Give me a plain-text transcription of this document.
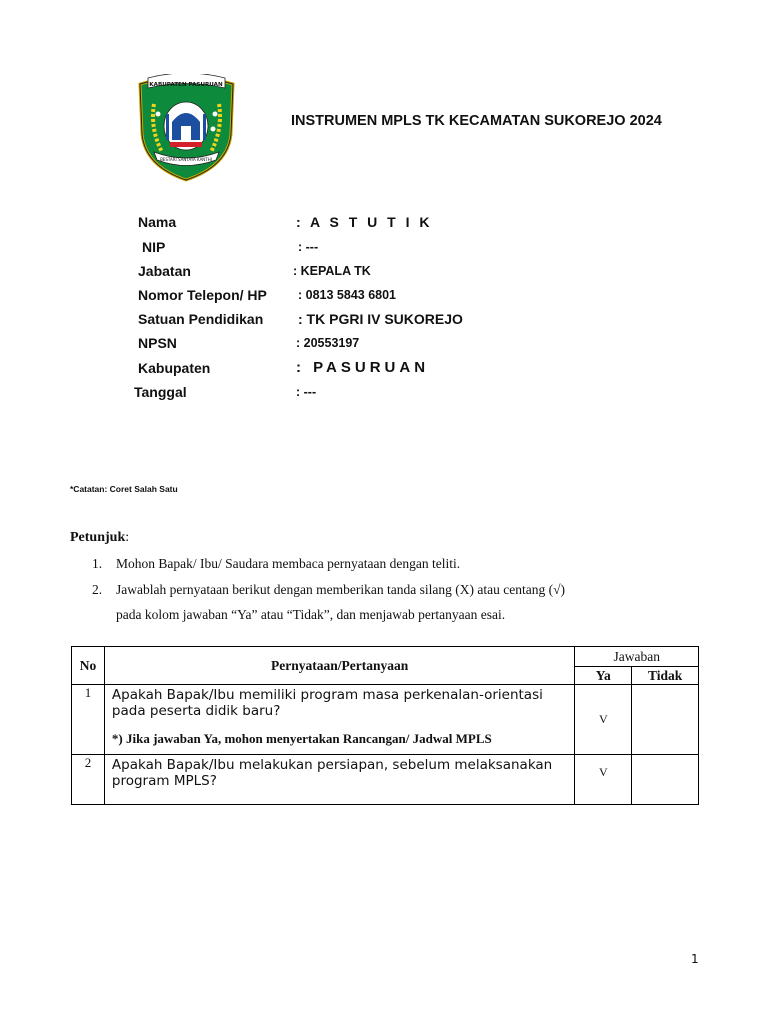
KABUPATEN PASURUAN
BESTARI SANTAYA KANTHI
INSTRUMEN MPLS TK KECAMATAN SUKOREJO 2024
Nama	: A S T U T I K
NIP	: ---
Jabatan	: KEPALA TK
Nomor Telepon/ HP : 0813 5843 6801
Satuan Pendidikan : TK PGRI IV SUKOREJO
NPSN	: 20553197
Kabupaten	: PASURUAN
Tanggal	: ---
*Catatan: Coret Salah Satu
Petunjuk:
1. Mohon Bapak/ Ibu/ Saudara membaca pernyataan dengan teliti.
2. Jawablah pernyataan berikut dengan memberikan tanda silang (X) atau centang (√)
pada kolom jawaban “Ya” atau “Tidak”, dan menjawab pertanyaan esai.
No	Pernyataan/Pertanyaan	Jawaban	
		Ya	Tidak
1	Apakah Bapak/Ibu memiliki program masa perkenalan-orientasi pada peserta didik baru?
*) Jika jawaban Ya, mohon menyertakan Rancangan/ Jadwal MPLS	V	
2	Apakah Bapak/Ibu melakukan persiapan, sebelum melaksanakan program MPLS?	V	
1
